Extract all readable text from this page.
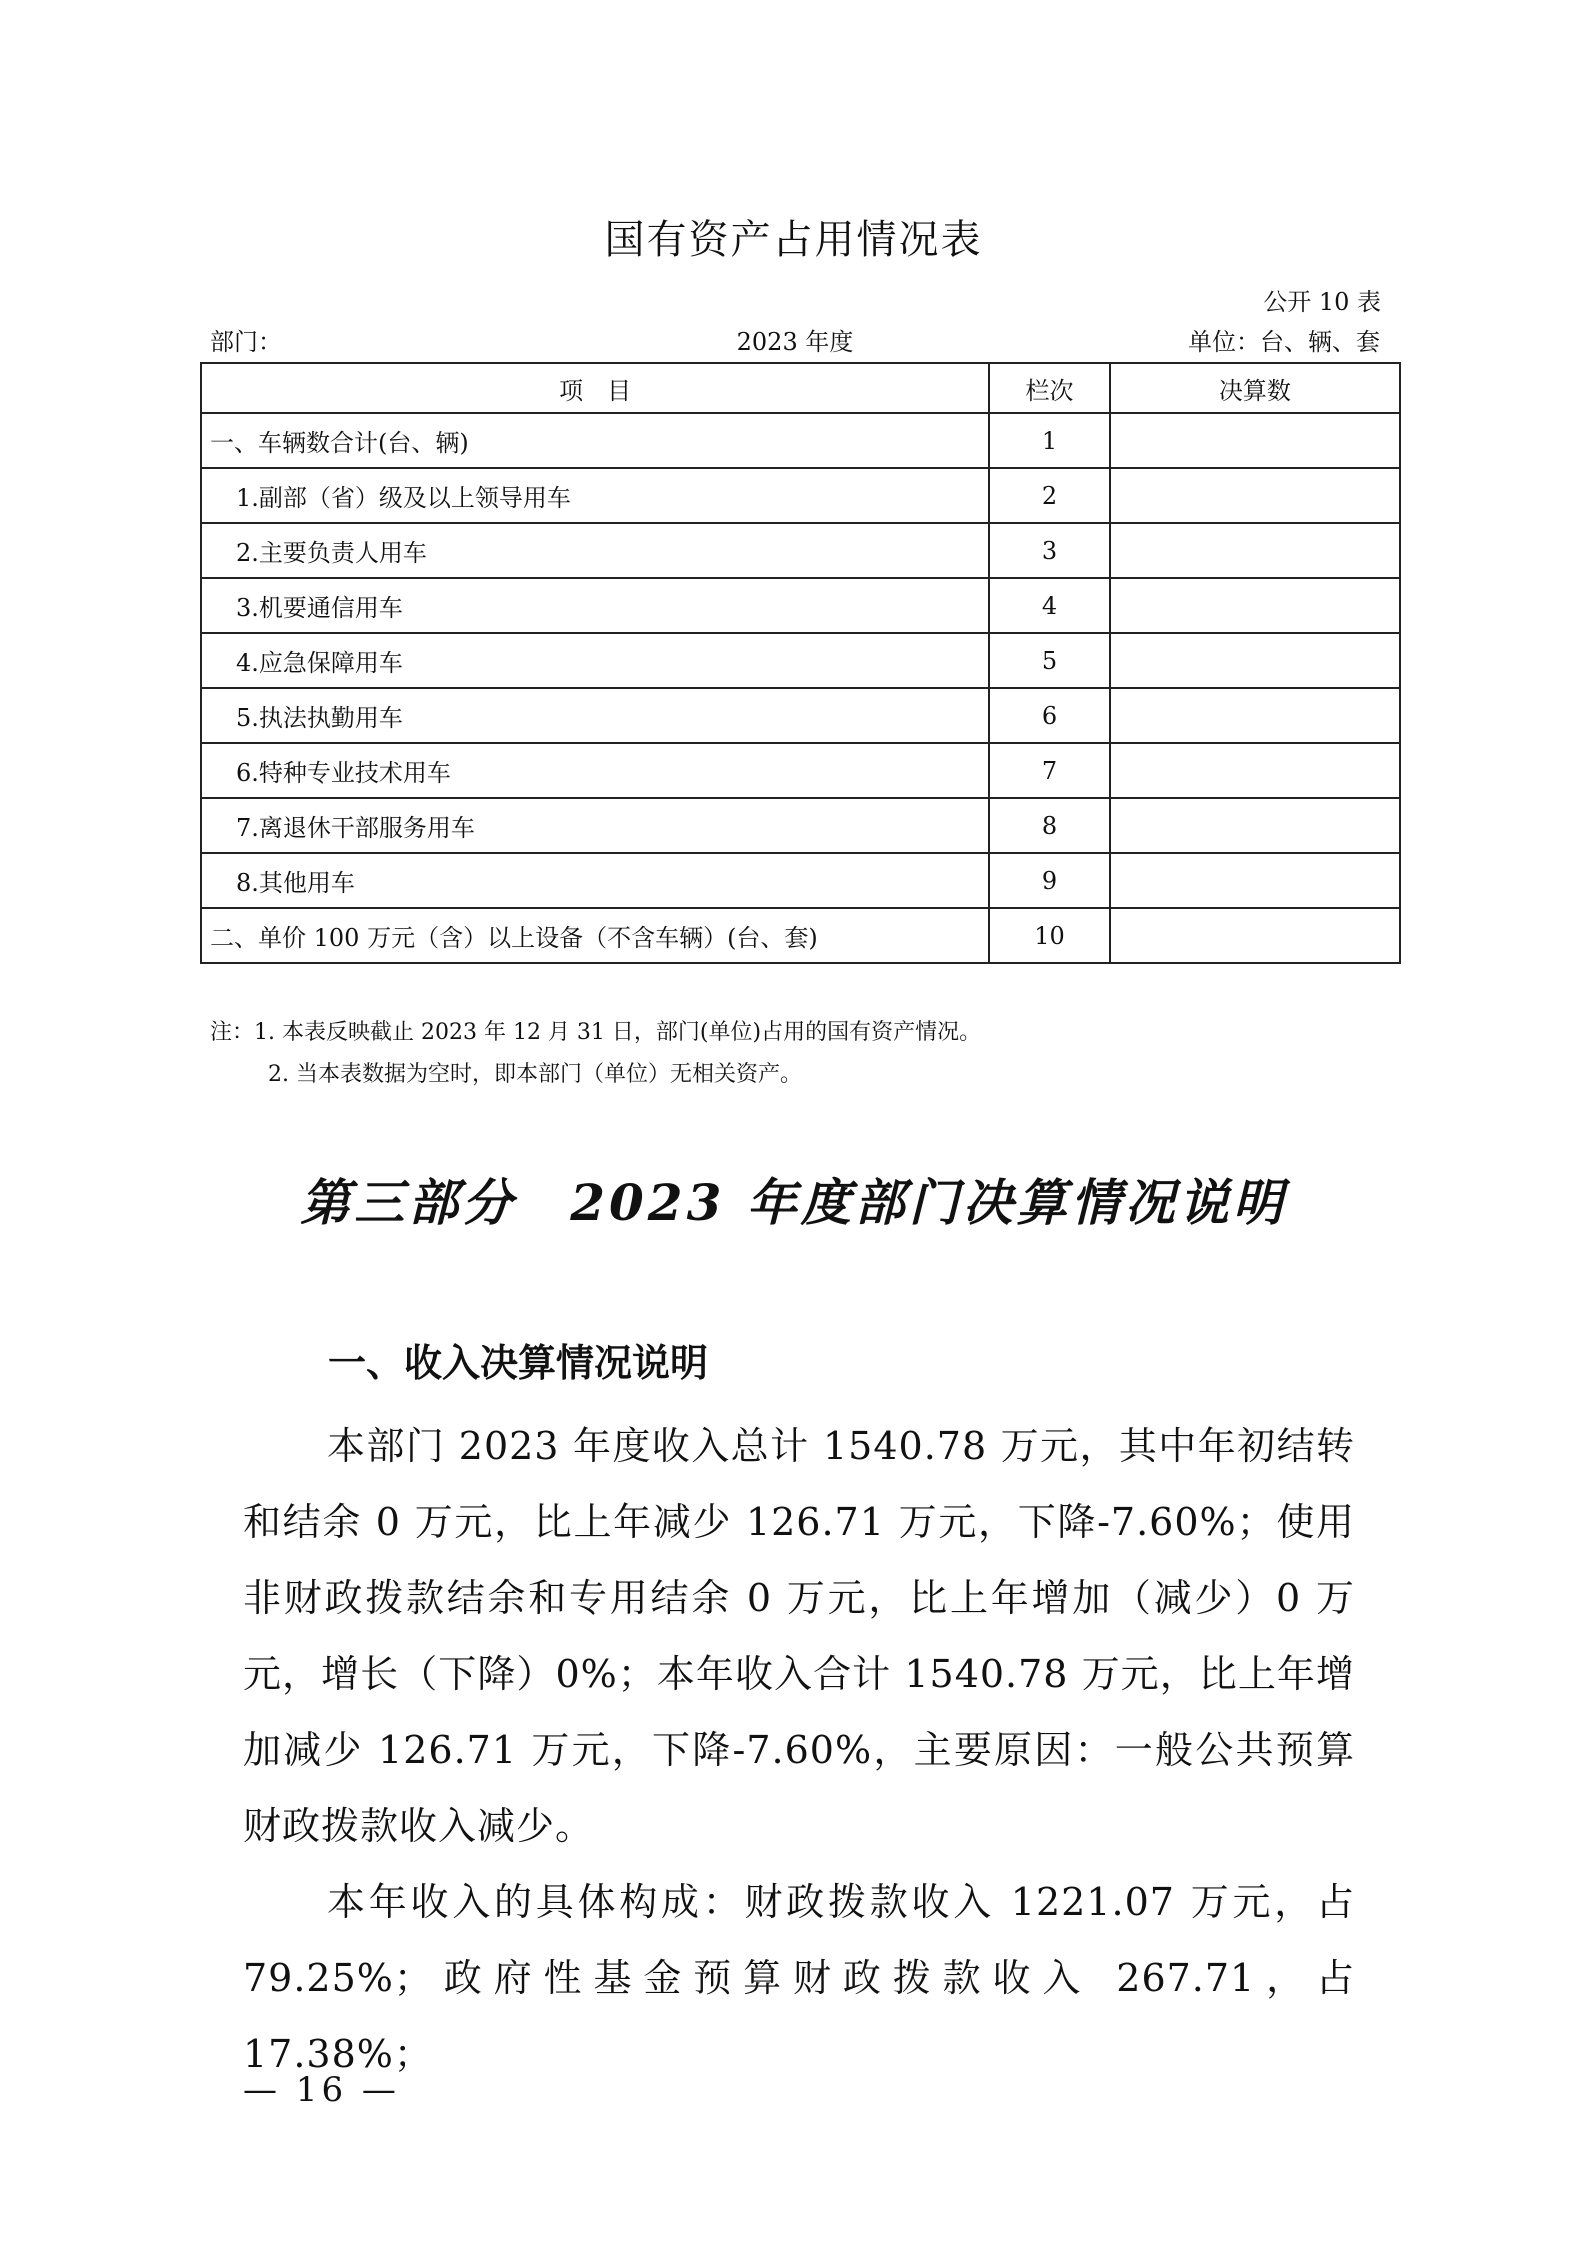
国有资产占用情况表
公开 10 表
部门：	2023 年度	单位：台、辆、套
项　目	栏次	决算数
一、车辆数合计(台、辆)	1	
1.副部（省）级及以上领导用车	2	
2.主要负责人用车	3	
3.机要通信用车	4	
4.应急保障用车	5	
5.执法执勤用车	6	
6.特种专业技术用车	7	
7.离退休干部服务用车	8	
8.其他用车	9	
二、单价 100 万元（含）以上设备（不含车辆）(台、套)	10	
注：1. 本表反映截止 2023 年 12 月 31 日，部门(单位)占用的国有资产情况。
2. 当本表数据为空时，即本部门（单位）无相关资产。
第三部分　2023 年度部门决算情况说明
一、收入决算情况说明

本部门 2023 年度收入总计 1540.78 万元，其中年初结转和结余 0 万元，比上年减少 126.71 万元，下降-7.60%；使用非财政拨款结余和专用结余 0 万元，比上年增加（减少）0 万元，增长（下降）0%；本年收入合计 1540.78 万元，比上年增加减少 126.71 万元，下降-7.60%，主要原因：一般公共预算财政拨款收入减少。

本年收入的具体构成：财政拨款收入 1221.07 万元，占 79.25%；政府性基金预算财政拨款收入 267.71，占 17.38%；

— 16 —
